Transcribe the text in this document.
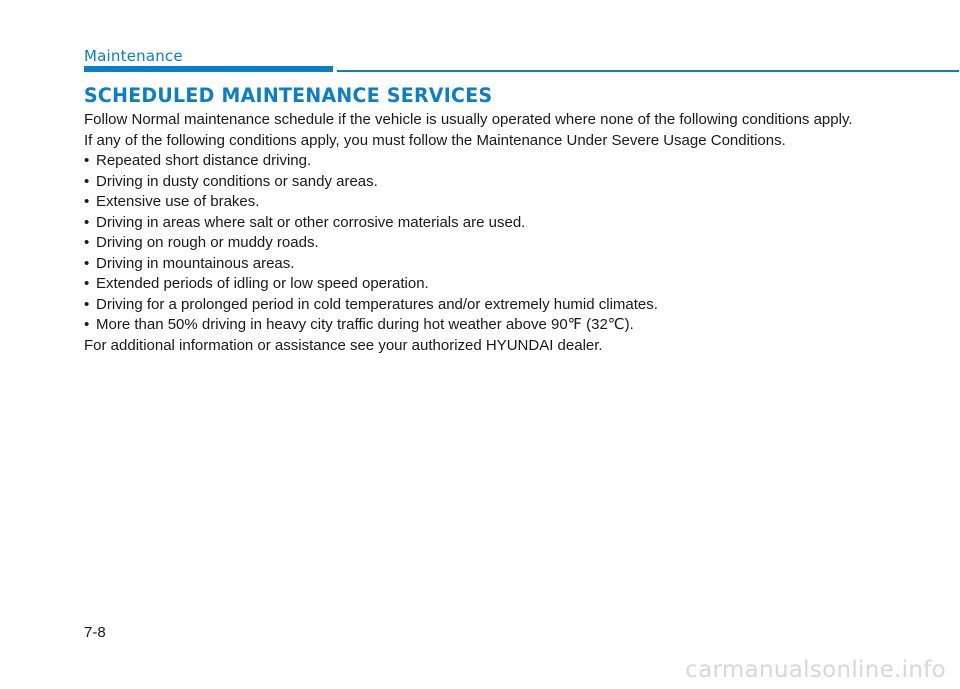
Maintenance
SCHEDULED MAINTENANCE SERVICES

Follow Normal maintenance schedule if the vehicle is usually operated where none of the following conditions apply.

If any of the following conditions apply, you must follow the Maintenance Under Severe Usage Conditions.

• Repeated short distance driving.
• Driving in dusty conditions or sandy areas.
• Extensive use of brakes.
• Driving in areas where salt or other corrosive materials are used.
• Driving on rough or muddy roads.
• Driving in mountainous areas.
• Extended periods of idling or low speed operation.
• Driving for a prolonged period in cold temperatures and/or extremely humid climates.
• More than 50% driving in heavy city traffic during hot weather above 90℉ (32℃).

For additional information or assistance see your authorized HYUNDAI dealer.

7-8
carmanualsonline.info
